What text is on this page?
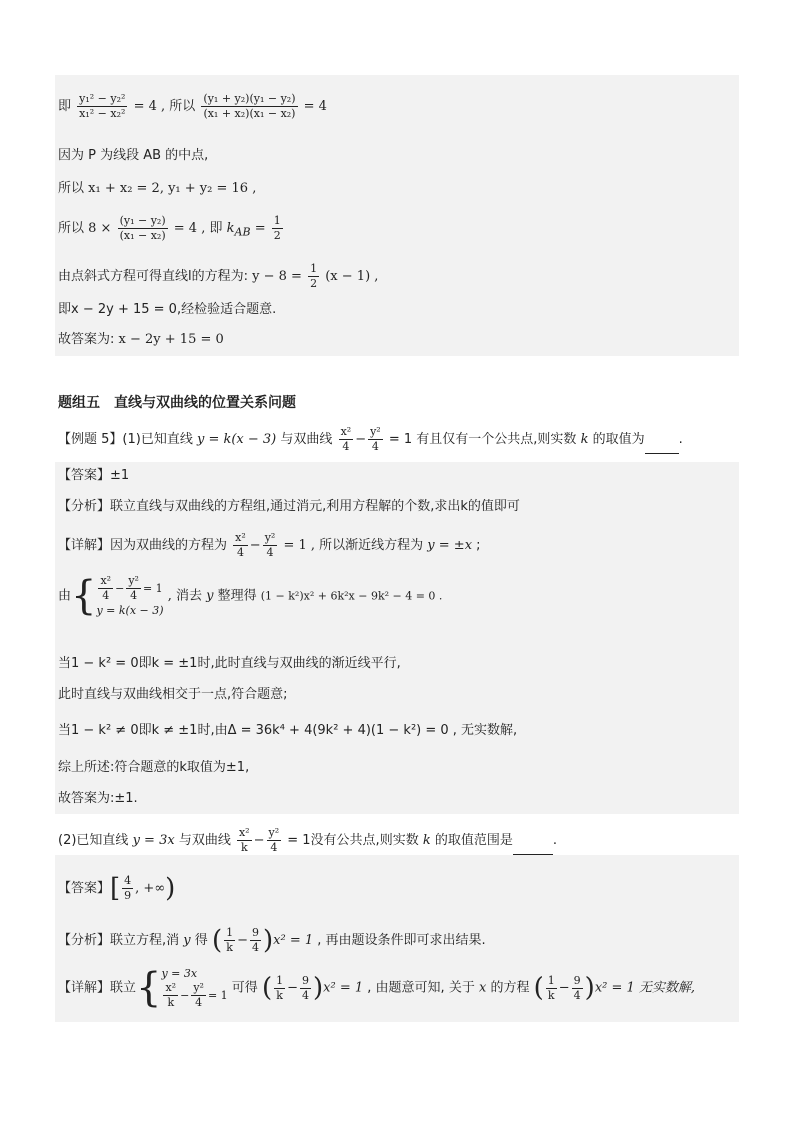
即 $\frac{\text{y₁² − y₂²}}{\text{x₁² − x₂²}} = 4$ , 所以 $\frac{\text{(y₁ + y₂)(y₁ − y₂)}}{\text{(x₁ + x₂)(x₁ − x₂)}} = 4$
因为 P 为线段 AB 的中点,
所以 x₁ + x₂ = 2, y₁ + y₂ = 16 ,
所以 $8 \times \frac{\text{(y₁ − y₂)}}{\text{(x₁ − x₂)}} = 4$ , 即 $k_{AB} = \frac{1}{2}$
由点斜式方程可得直线l的方程为: $y - 8 = \frac{1}{2} (x - 1)$ ,
即x − 2y + 15 = 0,经检验适合题意.
故答案为: x − 2y + 15 = 0
题组五　直线与双曲线的位置关系问题
【例题 5】(1)已知直线 y = k(x − 3) 与双曲线 $\frac{\text{x²}}{4} - \frac{\text{y²}}{4} = 1$ 有且仅有一个公共点,则实数 k 的取值为	.
【答案】±1
【分析】联立直线与双曲线的方程组,通过消元,利用方程解的个数,求出k的值即可
【详解】因为双曲线的方程为 $\frac{\text{x²}}{4} - \frac{\text{y²}}{4} = 1$ , 所以渐近线方程为 y = ±x ;
由{ $\frac{\text{x²}}{4} - \frac{\text{y²}}{4} = 1$
y = k(x − 3) , 消去 y 整理得 (1 − k²)x² + 6k²x − 9k² − 4 = 0 .
当1 − k² = 0即k = ±1时,此时直线与双曲线的渐近线平行,
此时直线与双曲线相交于一点,符合题意;
当1 − k² ≠ 0即k ≠ ±1时,由Δ = 36k⁴ + 4(9k² + 4)(1 − k²) = 0 , 无实数解,
综上所述:符合题意的k取值为±1,
故答案为:±1.
(2)已知直线 y = 3x 与双曲线 $\frac{\text{x²}}{k} - \frac{\text{y²}}{4} = 1$没有公共点,则实数 k 的取值范围是	.
【答案】[ $\frac{4}{9}$ , +∞)
【分析】联立方程,消 y 得 ( $\frac{1}{k} - \frac{9}{4} )x^2 = 1$ , 再由题设条件即可求出结果.
【详解】联立{y = 3x

$\frac{\text{x²}}{k} - \frac{\text{y²}}{4} = 1$ 可得 ( $\frac{1}{k} - \frac{9}{4} )x^2 = 1$ , 由题意可知, 关于 x 的方程 ( $\frac{1}{k} - \frac{9}{4} )x^2 = 1$ 无实数解,
